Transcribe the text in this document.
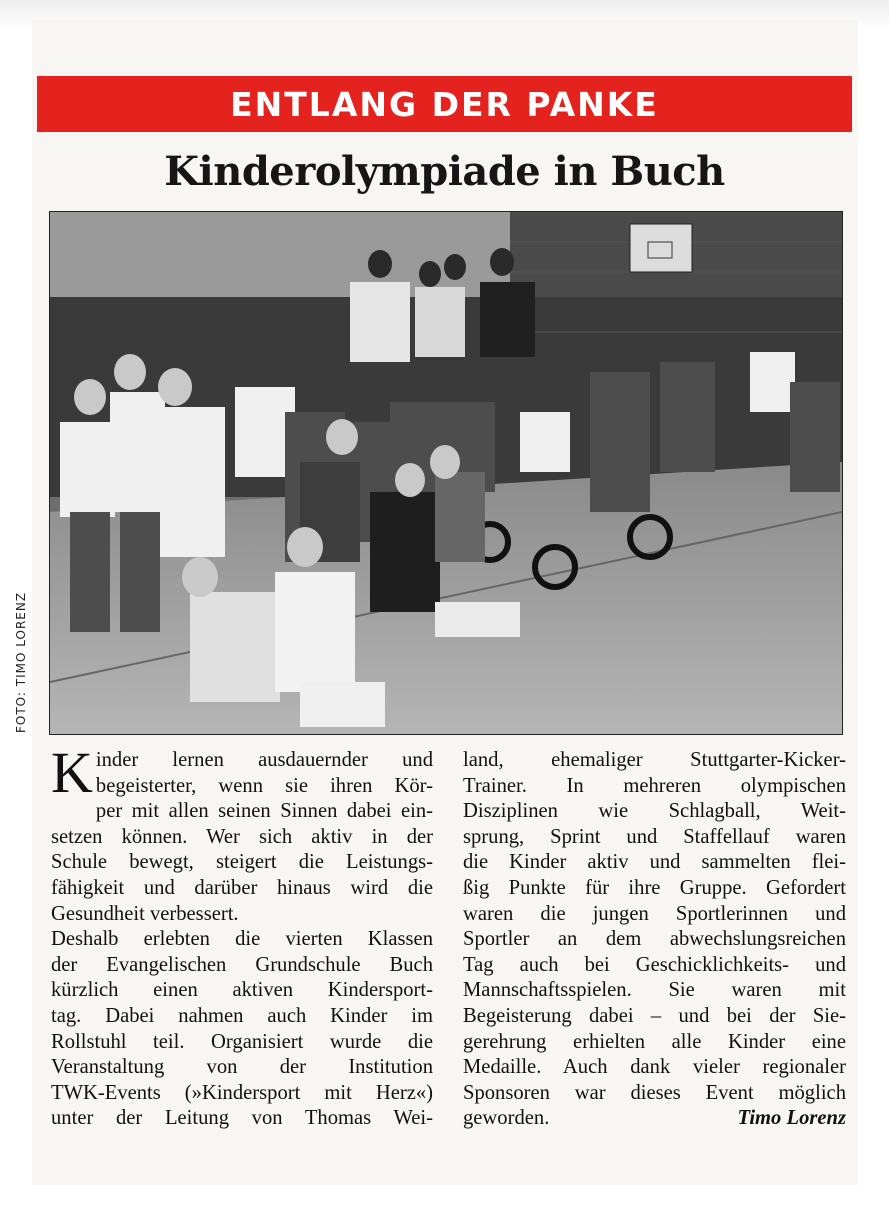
ENTLANG DER PANKE
Kinderolympiade in Buch
FOTO: TIMO LORENZ
K inder lernen ausdauernder und
begeisterter, wenn sie ihren Kör-
per mit allen seinen Sinnen dabei ein-
setzen können. Wer sich aktiv in der
Schule bewegt, steigert die Leistungs-
fähigkeit und darüber hinaus wird die
Gesundheit verbessert.
Deshalb erlebten die vierten Klassen
der Evangelischen Grundschule Buch
kürzlich einen aktiven Kindersport-
tag. Dabei nahmen auch Kinder im
Rollstuhl teil. Organisiert wurde die
Veranstaltung von der Institution
TWK-Events (»Kindersport mit Herz«)
unter der Leitung von Thomas Wei-
land, ehemaliger Stuttgarter-Kicker-
Trainer. In mehreren olympischen
Disziplinen wie Schlagball, Weit-
sprung, Sprint und Staffellauf waren
die Kinder aktiv und sammelten flei-
ßig Punkte für ihre Gruppe. Gefordert
waren die jungen Sportlerinnen und
Sportler an dem abwechslungsreichen
Tag auch bei Geschicklichkeits- und
Mannschaftsspielen. Sie waren mit
Begeisterung dabei – und bei der Sie-
gerehrung erhielten alle Kinder eine
Medaille. Auch dank vieler regionaler
Sponsoren war dieses Event möglich
geworden.	Timo Lorenz
